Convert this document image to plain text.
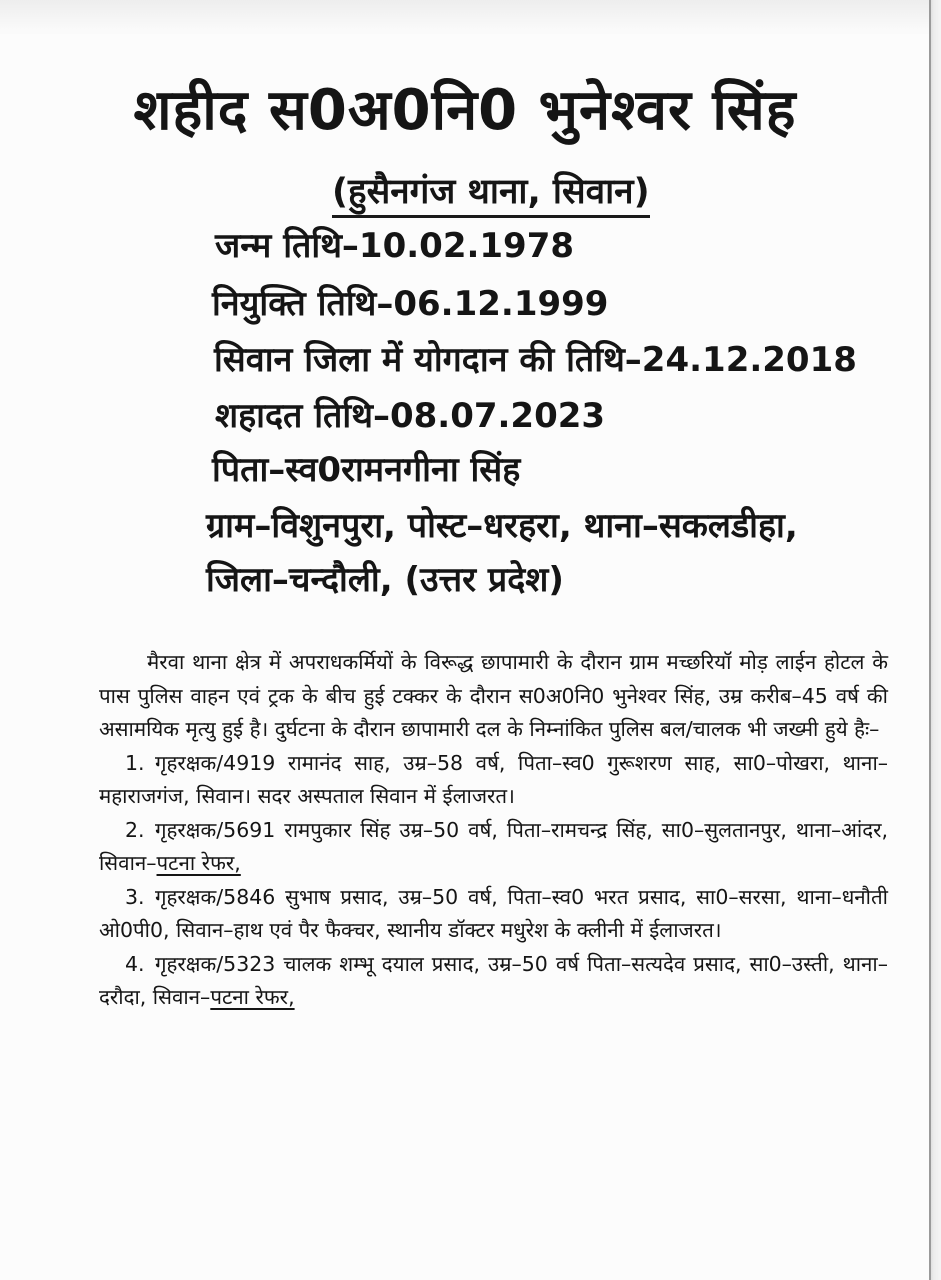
शहीद स0अ0नि0 भुनेश्वर सिंह
(हुसैनगंज थाना, सिवान)
जन्म तिथि–10.02.1978
नियुक्ति तिथि–06.12.1999
सिवान जिला में योगदान की तिथि–24.12.2018
शहादत तिथि–08.07.2023
पिता–स्व0रामनगीना सिंह
ग्राम–विशुनपुरा, पोस्ट–धरहरा, थाना–सकलडीहा,
जिला–चन्दौली, (उत्तर प्रदेश)

मैरवा थाना क्षेत्र में अपराधकर्मियों के विरूद्ध छापामारी के दौरान ग्राम मच्छरियॉ मोड़ लाईन होटल के पास पुलिस वाहन एवं ट्रक के बीच हुई टक्कर के दौरान स0अ0नि0 भुनेश्वर सिंह, उम्र करीब–45 वर्ष की असामयिक मृत्यु हुई है। दुर्घटना के दौरान छापामारी दल के निम्नांकित पुलिस बल/चालक भी जख्मी हुये हैः–

1. गृहरक्षक/4919 रामानंद साह, उम्र–58 वर्ष, पिता–स्व0 गुरूशरण साह, सा0–पोखरा, थाना–महाराजगंज, सिवान। सदर अस्पताल सिवान में ईलाजरत।
2. गृहरक्षक/5691 रामपुकार सिंह उम्र–50 वर्ष, पिता–रामचन्द्र सिंह, सा0–सुलतानपुर, थाना–आंदर, सिवान–पटना रेफर,
3. गृहरक्षक/5846 सुभाष प्रसाद, उम्र–50 वर्ष, पिता–स्व0 भरत प्रसाद, सा0–सरसा, थाना–धनौती ओ0पी0, सिवान–हाथ एवं पैर फैक्चर, स्थानीय डॉक्टर मधुरेश के क्लीनी में ईलाजरत।
4. गृहरक्षक/5323 चालक शम्भू दयाल प्रसाद, उम्र–50 वर्ष पिता–सत्यदेव प्रसाद, सा0–उस्ती, थाना–दरौदा, सिवान–पटना रेफर,
